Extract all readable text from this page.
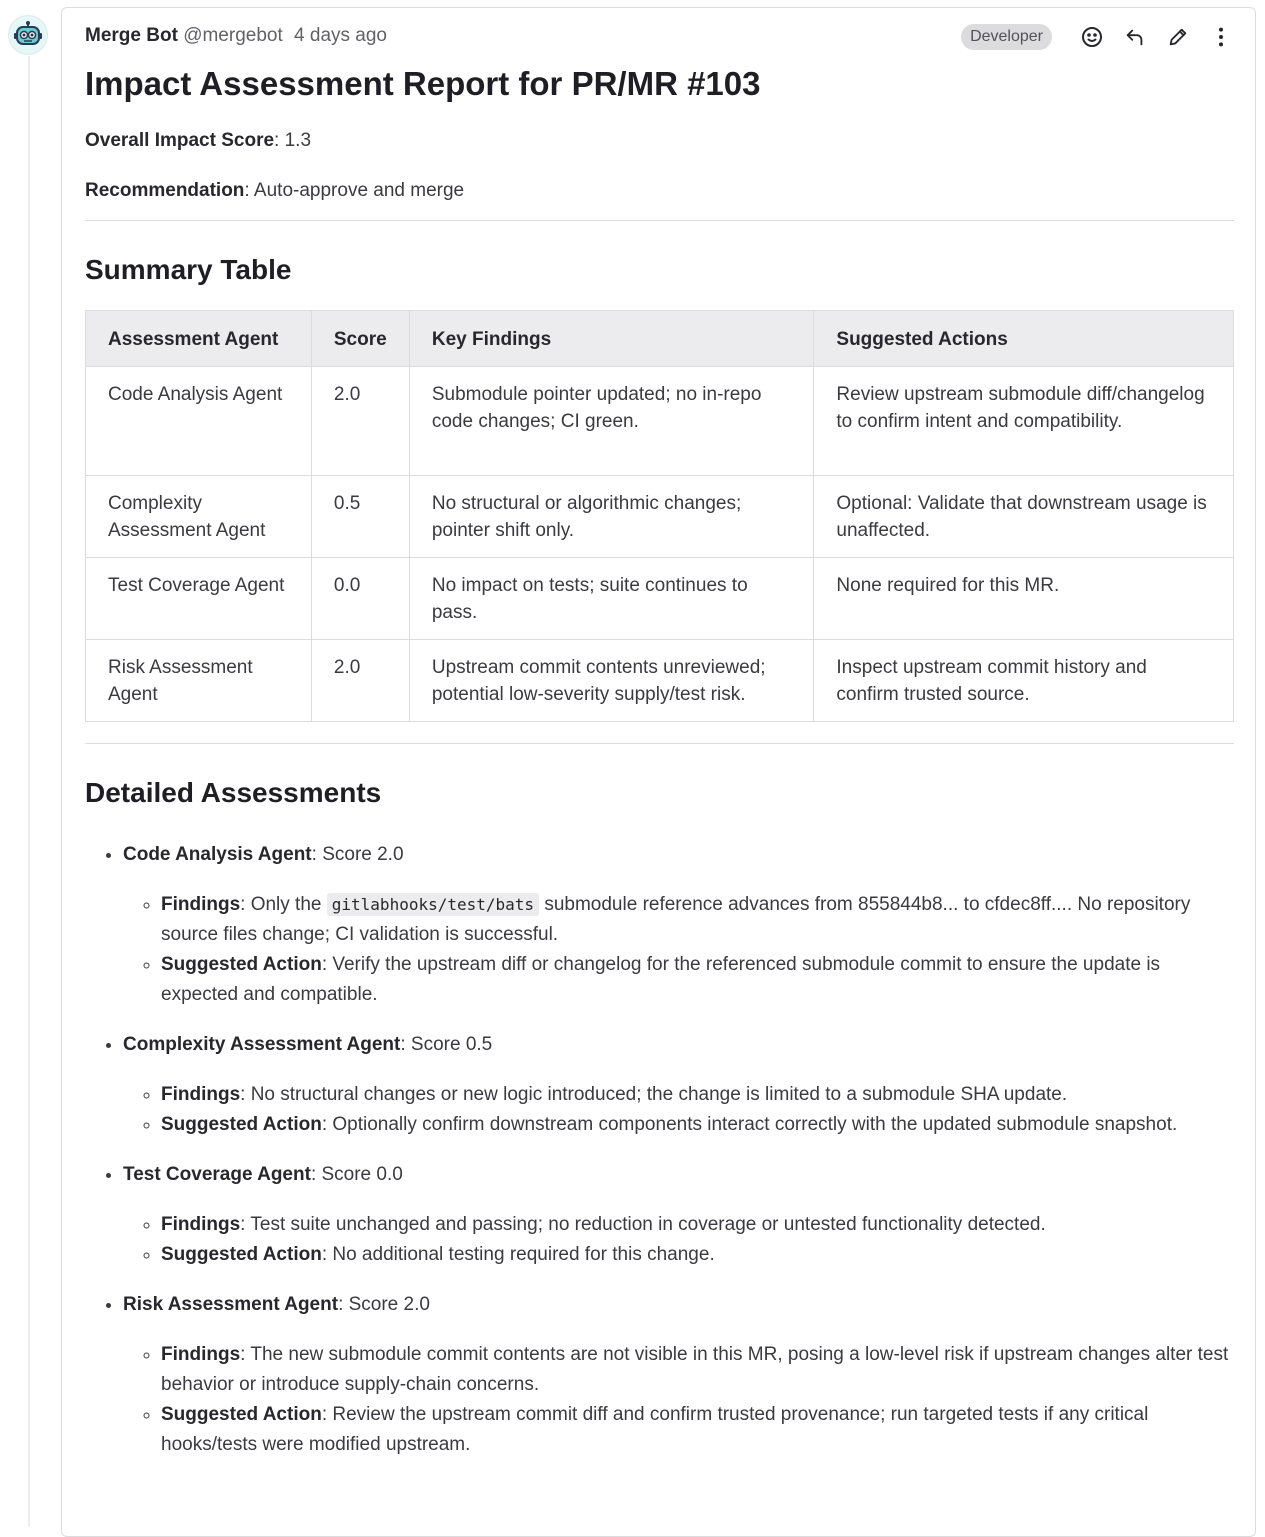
Merge Bot @mergebot 4 days ago	Developer
Impact Assessment Report for PR/MR #103
Overall Impact Score: 1.3
Recommendation: Auto-approve and merge
Summary Table
Assessment Agent	Score	Key Findings	Suggested Actions
Code Analysis Agent	2.0	Submodule pointer updated; no in-repo code changes; CI green.	Review upstream submodule diff/changelog to confirm intent and compatibility.
Complexity Assessment Agent	0.5	No structural or algorithmic changes; pointer shift only.	Optional: Validate that downstream usage is unaffected.
Test Coverage Agent	0.0	No impact on tests; suite continues to pass.	None required for this MR.
Risk Assessment Agent	2.0	Upstream commit contents unreviewed; potential low-severity supply/test risk.	Inspect upstream commit history and confirm trusted source.
Detailed Assessments
• Code Analysis Agent: Score 2.0
◦ Findings: Only the gitlabhooks/test/bats submodule reference advances from 855844b8... to cfdec8ff.... No repository source files change; CI validation is successful.
◦ Suggested Action: Verify the upstream diff or changelog for the referenced submodule commit to ensure the update is expected and compatible.
• Complexity Assessment Agent: Score 0.5
◦ Findings: No structural changes or new logic introduced; the change is limited to a submodule SHA update.
◦ Suggested Action: Optionally confirm downstream components interact correctly with the updated submodule snapshot.
• Test Coverage Agent: Score 0.0
◦ Findings: Test suite unchanged and passing; no reduction in coverage or untested functionality detected.
◦ Suggested Action: No additional testing required for this change.
• Risk Assessment Agent: Score 2.0
◦ Findings: The new submodule commit contents are not visible in this MR, posing a low-level risk if upstream changes alter test behavior or introduce supply-chain concerns.
◦ Suggested Action: Review the upstream commit diff and confirm trusted provenance; run targeted tests if any critical hooks/tests were modified upstream.
